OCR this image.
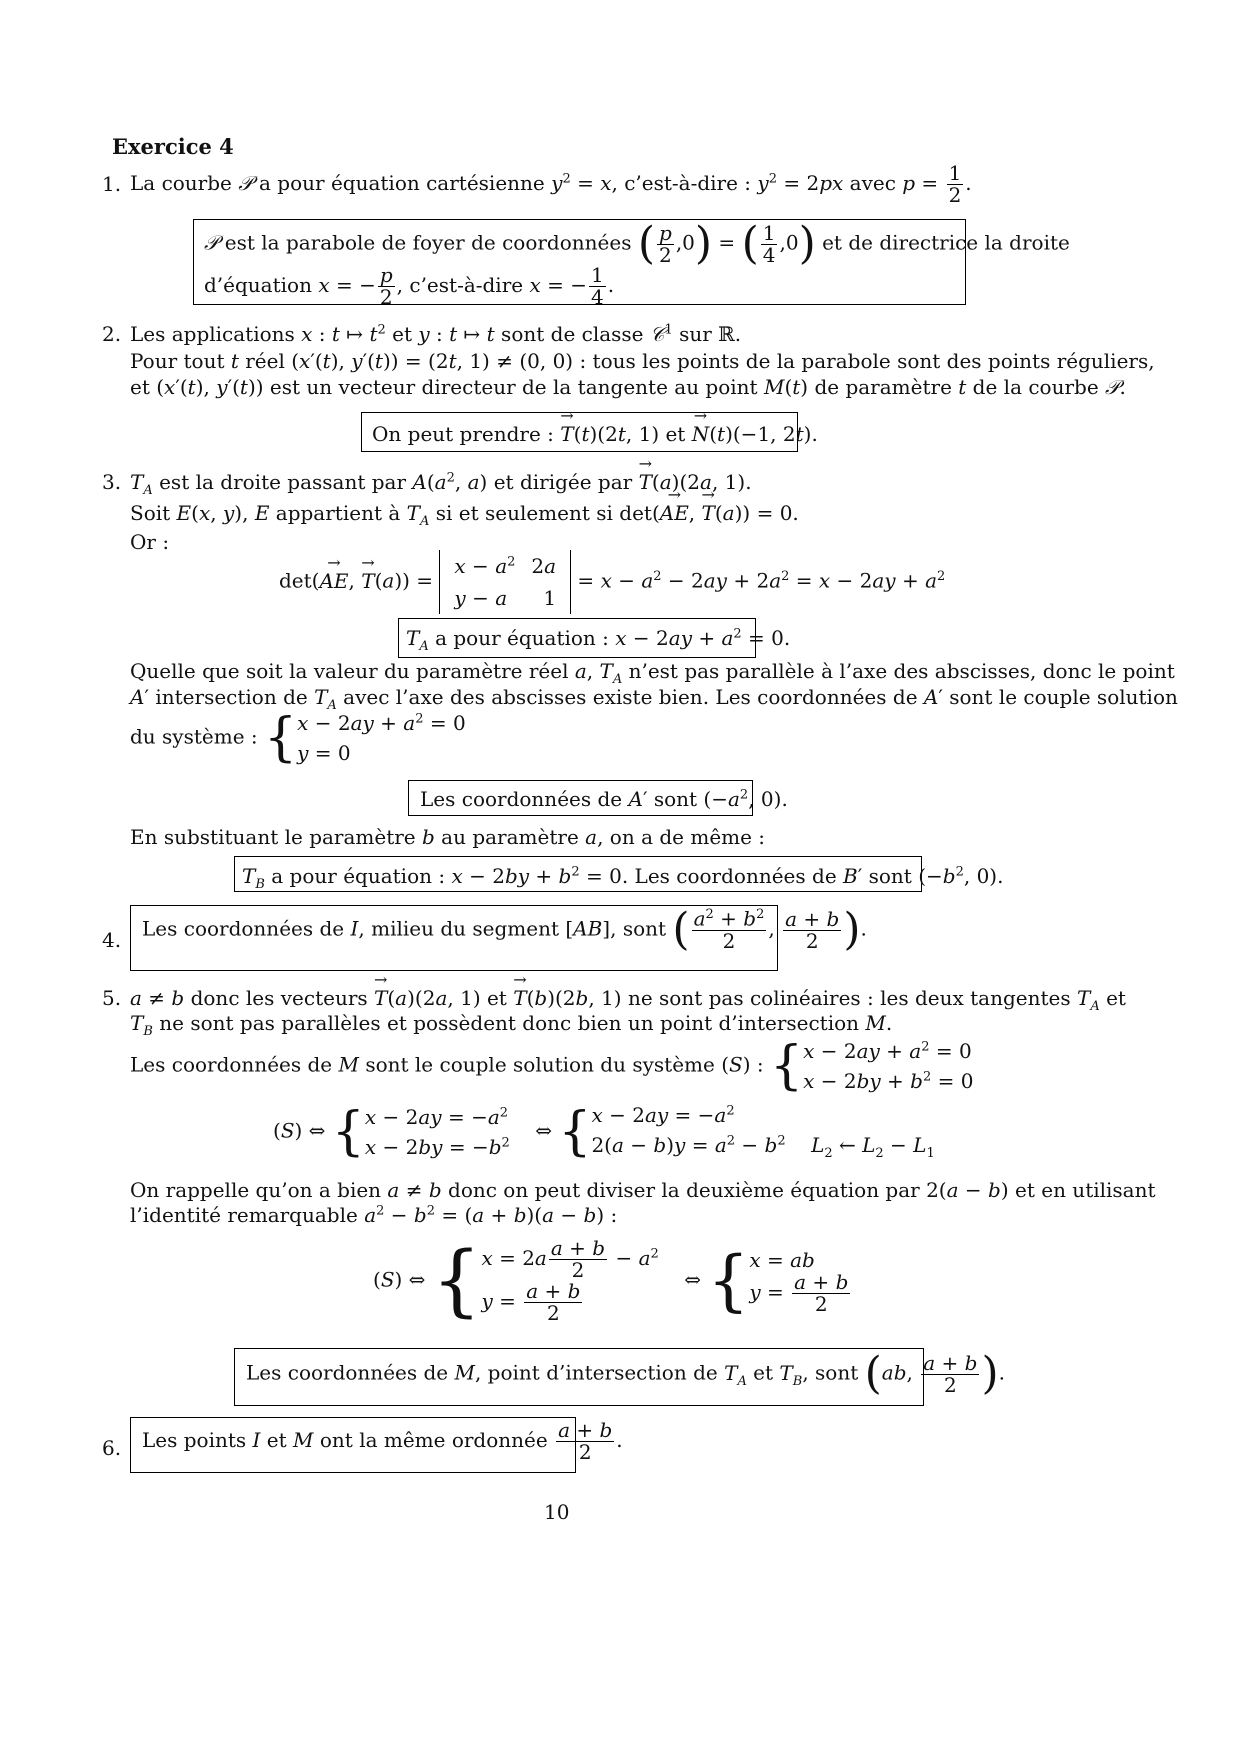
Exercice 4
1. La courbe 𝒫 a pour équation cartésienne $y^2 = x$, c’est-à-dire : $y^2 = 2px$ avec $p = \frac{1}{2}$ .
𝒫 est la parabole de foyer de coordonnées ( $\frac{p}{2} ,0$) = ( $\frac{1}{4} ,0$) et de directrice la droite
d’équation x = − $\frac{p}{2}$ , c’est-à-dire x = − $\frac{1}{4}$ .
2. Les applications x : t ↦ $t^2$ et y : t ↦ t sont de classe 𝒞$^1$ sur ℝ.
Pour tout t réel (x′(t), y′(t)) = (2t, 1) ≠ (0, 0) : tous les points de la parabole sont des points réguliers,
et (x′(t), y′(t)) est un vecteur directeur de la tangente au point M(t) de paramètre t de la courbe 𝒫.
On peut prendre : → T(t)(2t, 1) et → N(t)(−1, 2t).
3. $T_A$ est la droite passant par $A(a^2$, a) et dirigée par → T(a)(2a, 1).
Soit E(x, y), E appartient à $T_A$ si et seulement si det(→ AE, → T(a)) = 0.
Or :
det(→ AE, → T(a)) =
$x - a^2$	2a
y − a	1
= $x - a^2 - 2ay + 2a^2 = x - 2ay + a^2$
$T_A$ a pour équation : $x - 2ay + a^2 = 0$.
Quelle que soit la valeur du paramètre réel a, $T_A$ n’est pas parallèle à l’axe des abscisses, donc le point
A′ intersection de $T_A$ avec l’axe des abscisses existe bien. Les coordonnées de A′ sont le couple solution
du système : {$x - 2ay + a^2 = 0$
y = 0
Les coordonnées de A′ sont ($-a^2$, 0).
En substituant le paramètre b au paramètre a, on a de même :
$T_B$ a pour équation : $x - 2by + b^2 = 0$. Les coordonnées de B′ sont ($-b^2$, 0).
4. Les coordonnées de I, milieu du segment [AB], sont ( $\frac{a^2 + b^2}{2}$ , $\frac{a + b}{2}$ ).
5. a ≠ b donc les vecteurs → T(a)(2a, 1) et → T(b)(2b, 1) ne sont pas colinéaires : les deux tangentes $T_A$ et
$T_B$ ne sont pas parallèles et possèdent donc bien un point d’intersection M.
Les coordonnées de M sont le couple solution du système (S) : {$x - 2ay + a^2 = 0$
$x - 2by + b^2 = 0$
(S) ⇔ {$x - 2ay = -a^2$
$x - 2by = -b^2$    ⇔ {$x - 2ay = -a^2$
$2(a - b)y = a^2 - b^2$ $L_2$ ← $L_2 - L_1$
On rappelle qu’on a bien a ≠ b donc on peut diviser la deuxième équation par 2(a − b) et en utilisant
l’identité remarquable $a^2 - b^2 = (a + b)(a - b)$ :
(S) ⇔ { $x = 2a \frac{a + b}{2} - a^2$
$y = \frac{a + b}{2}$
⇔ { x = ab
$y = \frac{a + b}{2}$
Les coordonnées de M, point d’intersection de $T_A$ et $T_B$, sont (ab, $\frac{a + b}{2}$ ).
6. Les points I et M ont la même ordonnée $\frac{a + b}{2}$ .
10
